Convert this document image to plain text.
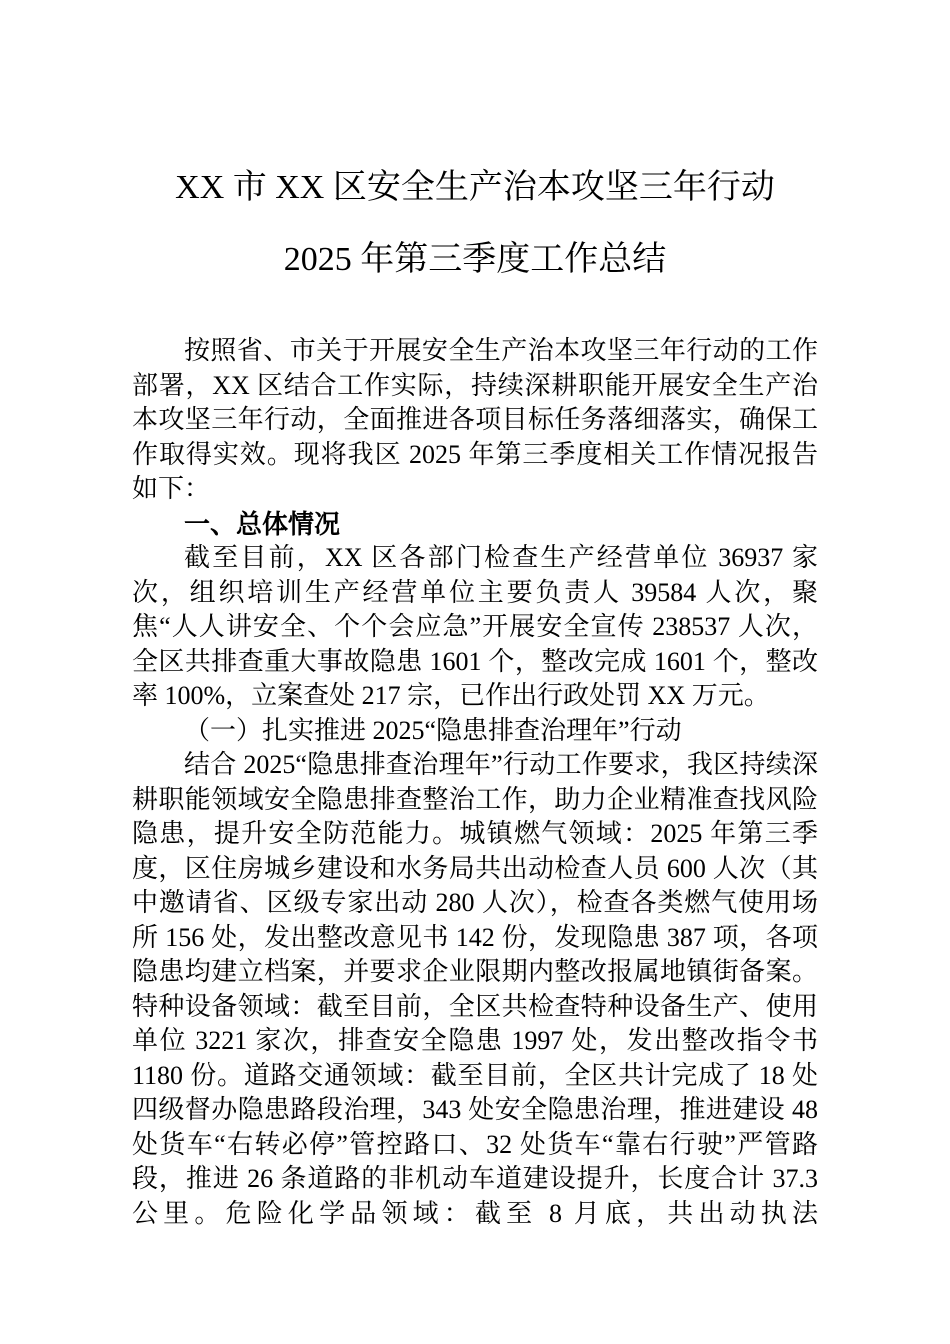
XX 市 XX 区安全生产治本攻坚三年行动
2025 年第三季度工作总结

按照省、市关于开展安全生产治本攻坚三年行动的工作部署，XX 区结合工作实际，持续深耕职能开展安全生产治本攻坚三年行动，全面推进各项目标任务落细落实，确保工作取得实效。现将我区 2025 年第三季度相关工作情况报告如下：

一、总体情况

截至目前，XX 区各部门检查生产经营单位 36937 家次，组织培训生产经营单位主要负责人 39584 人次，聚焦“人人讲安全、个个会应急”开展安全宣传 238537 人次，全区共排查重大事故隐患 1601 个，整改完成 1601 个，整改率 100%，立案查处 217 宗，已作出行政处罚 XX 万元。

（一）扎实推进 2025“隐患排查治理年”行动

结合 2025“隐患排查治理年”行动工作要求，我区持续深耕职能领域安全隐患排查整治工作，助力企业精准查找风险隐患，提升安全防范能力。城镇燃气领域：2025 年第三季度，区住房城乡建设和水务局共出动检查人员 600 人次（其中邀请省、区级专家出动 280 人次），检查各类燃气使用场所 156 处，发出整改意见书 142 份，发现隐患 387 项，各项隐患均建立档案，并要求企业限期内整改报属地镇街备案。特种设备领域：截至目前，全区共检查特种设备生产、使用单位 3221 家次，排查安全隐患 1997 处，发出整改指令书 1180 份。道路交通领域：截至目前，全区共计完成了 18 处四级督办隐患路段治理，343 处安全隐患治理，推进建设 48 处货车“右转必停”管控路口、32 处货车“靠右行驶”严管路段，推进 26 条道路的非机动车道建设提升，长度合计 37.3 公里。危险化学品领域：截至 8 月底，共出动执法
